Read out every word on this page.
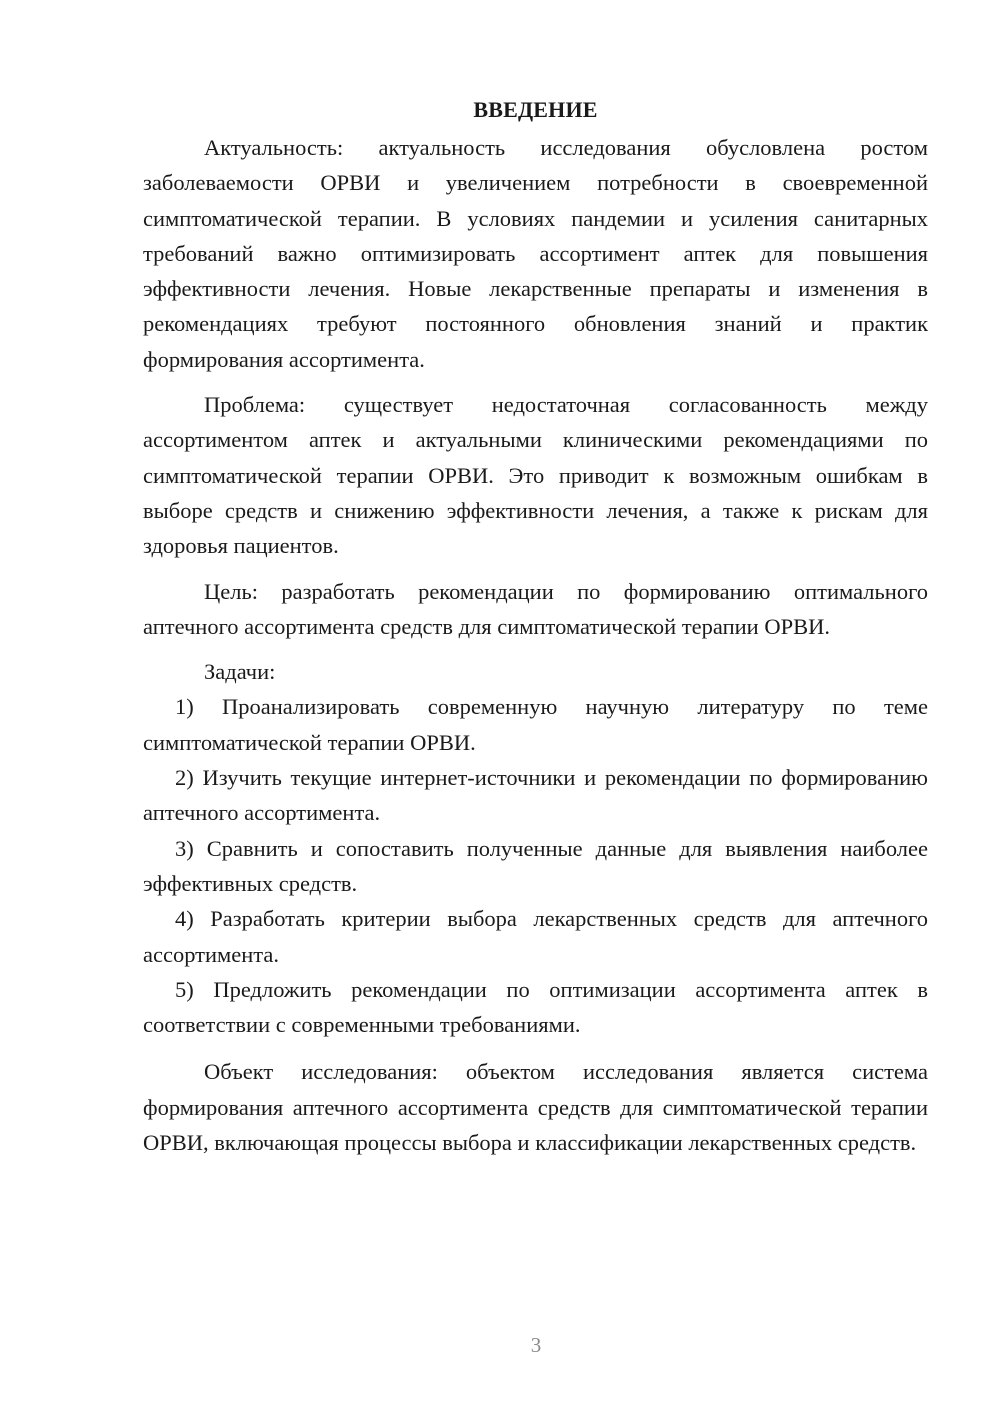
ВВЕДЕНИЕ

Актуальность: актуальность исследования обусловлена ростом заболеваемости ОРВИ и увеличением потребности в своевременной симптоматической терапии. В условиях пандемии и усиления санитарных требований важно оптимизировать ассортимент аптек для повышения эффективности лечения. Новые лекарственные препараты и изменения в рекомендациях требуют постоянного обновления знаний и практик формирования ассортимента.

Проблема: существует недостаточная согласованность между ассортиментом аптек и актуальными клиническими рекомендациями по симптоматической терапии ОРВИ. Это приводит к возможным ошибкам в выборе средств и снижению эффективности лечения, а также к рискам для здоровья пациентов.

Цель: разработать рекомендации по формированию оптимального аптечного ассортимента средств для симптоматической терапии ОРВИ.

Задачи:

1) Проанализировать современную научную литературу по теме симптоматической терапии ОРВИ.

2) Изучить текущие интернет-источники и рекомендации по формированию аптечного ассортимента.

3) Сравнить и сопоставить полученные данные для выявления наиболее эффективных средств.

4) Разработать критерии выбора лекарственных средств для аптечного ассортимента.

5) Предложить рекомендации по оптимизации ассортимента аптек в соответствии с современными требованиями.

Объект исследования: объектом исследования является система формирования аптечного ассортимента средств для симптоматической терапии ОРВИ, включающая процессы выбора и классификации лекарственных средств.

3
